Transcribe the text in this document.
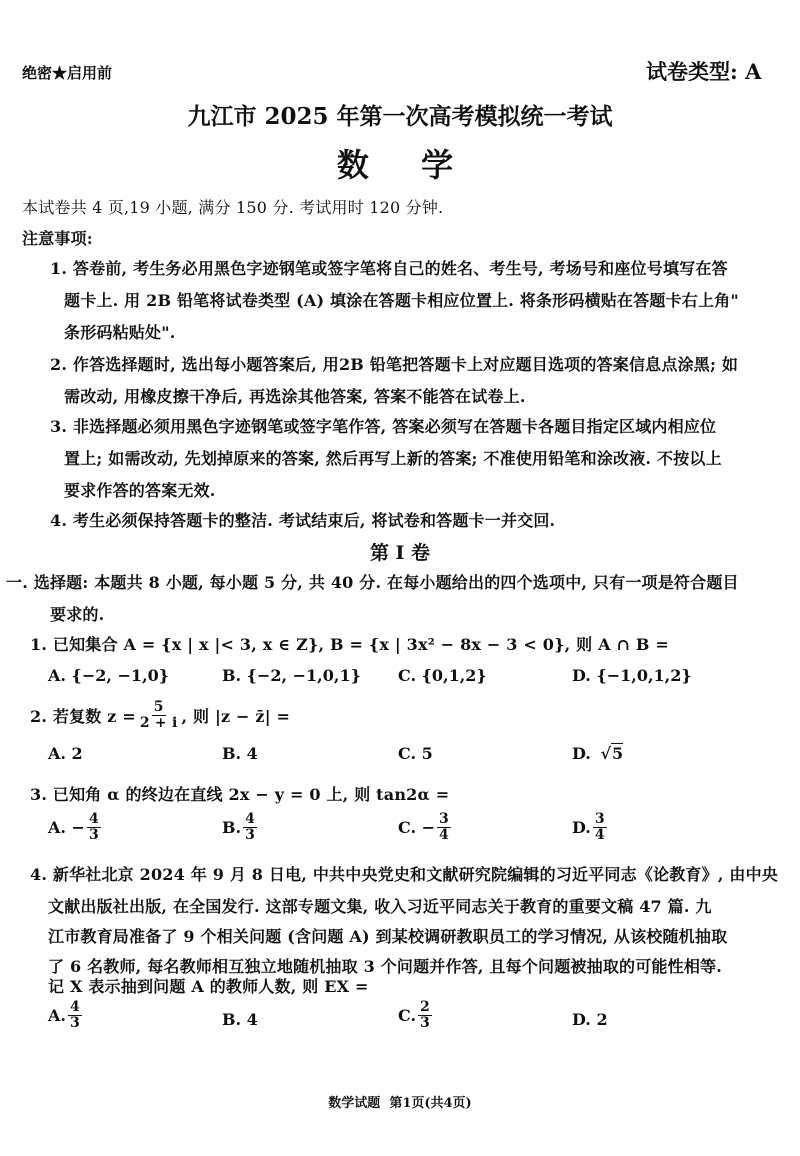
绝密★启用前	试卷类型: A
九江市 2025 年第一次高考模拟统一考试
数  学
本试卷共 4 页,19 小题, 满分 150 分. 考试用时 120 分钟.
注意事项:
1. 答卷前, 考生务必用黑色字迹钢笔或签字笔将自己的姓名、考生号, 考场号和座位号填写在答
题卡上. 用 2B 铅笔将试卷类型 (A) 填涂在答题卡相应位置上. 将条形码横贴在答题卡右上角"
条形码粘贴处".
2. 作答选择题时, 选出每小题答案后, 用2B 铅笔把答题卡上对应题目选项的答案信息点涂黑; 如
需改动, 用橡皮擦干净后, 再选涂其他答案, 答案不能答在试卷上.
3. 非选择题必须用黑色字迹钢笔或签字笔作答, 答案必须写在答题卡各题目指定区域内相应位
置上; 如需改动, 先划掉原来的答案, 然后再写上新的答案; 不准使用铅笔和涂改液. 不按以上
要求作答的答案无效.
4. 考生必须保持答题卡的整洁. 考试结束后, 将试卷和答题卡一并交回.
第 Ⅰ 卷
一. 选择题: 本题共 8 小题, 每小题 5 分, 共 40 分. 在每小题给出的四个选项中, 只有一项是符合题目
要求的.
1. 已知集合 A = {x | x |< 3, x ∈ Z}, B = {x | 3x² − 8x − 3 < 0}, 则 A ∩ B =
A. {−2, −1,0}	B. {−2, −1,0,1} C. {0,1,2}	D. {−1,0,1,2}
2. 若复数 $z = \frac{5}{2 + i}$ , 则 |z − z̄| =
A. 2	B. 4	C. 5	D. √5
3. 已知角 α 的终边在直线 2x − y = 0 上, 则 tan2α =
A. − $\frac{4}{3}$	B. $\frac{4}{3}$	C. − $\frac{3}{4}$	D. $\frac{3}{4}$
4. 新华社北京 2024 年 9 月 8 日电, 中共中央党史和文献研究院编辑的习近平同志《论教育》, 由中央
文献出版社出版, 在全国发行. 这部专题文集, 收入习近平同志关于教育的重要文稿 47 篇. 九
江市教育局准备了 9 个相关问题 (含问题 A) 到某校调研教职员工的学习情况, 从该校随机抽取
了 6 名教师, 每名教师相互独立地随机抽取 3 个问题并作答, 且每个问题被抽取的可能性相等.
记 X 表示抽到问题 A 的教师人数, 则 EX =
A. $\frac{4}{3}$	B. 4	C. $\frac{2}{3}$	D. 2
数学试题  第1页(共4页)
